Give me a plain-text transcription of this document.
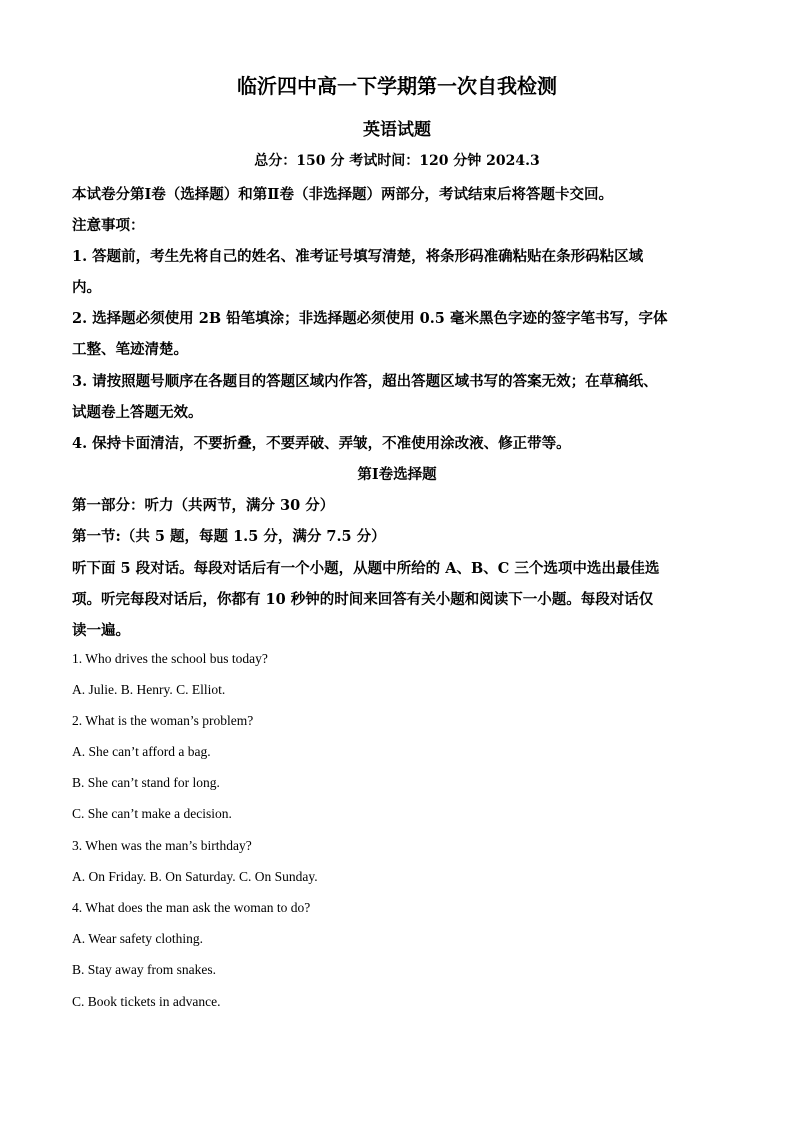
临沂四中高一下学期第一次自我检测
英语试题
总分：150 分 考试时间：120 分钟 2024.3
本试卷分第Ⅰ卷（选择题）和第Ⅱ卷（非选择题）两部分，考试结束后将答题卡交回。
注意事项：
1. 答题前，考生先将自己的姓名、准考证号填写清楚，将条形码准确粘贴在条形码粘区域
内。
2. 选择题必须使用 2B 铅笔填涂；非选择题必须使用 0.5 毫米黑色字迹的签字笔书写，字体
工整、笔迹清楚。
3. 请按照题号顺序在各题目的答题区域内作答，超出答题区域书写的答案无效；在草稿纸、
试题卷上答题无效。
4. 保持卡面清洁，不要折叠，不要弄破、弄皱，不准使用涂改液、修正带等。
第Ⅰ卷选择题
第一部分：听力（共两节，满分 30 分）
第一节:（共 5 题，每题 1.5 分，满分 7.5 分）
听下面 5 段对话。每段对话后有一个小题，从题中所给的 A、B、C 三个选项中选出最佳选
项。听完每段对话后，你都有 10 秒钟的时间来回答有关小题和阅读下一小题。每段对话仅
读一遍。
1. Who drives the school bus today?
A. Julie. B. Henry. C. Elliot.
2. What is the woman’s problem?
A. She can’t afford a bag.
B. She can’t stand for long.
C. She can’t make a decision.
3. When was the man’s birthday?
A. On Friday. B. On Saturday. C. On Sunday.
4. What does the man ask the woman to do?
A. Wear safety clothing.
B. Stay away from snakes.
C. Book tickets in advance.
